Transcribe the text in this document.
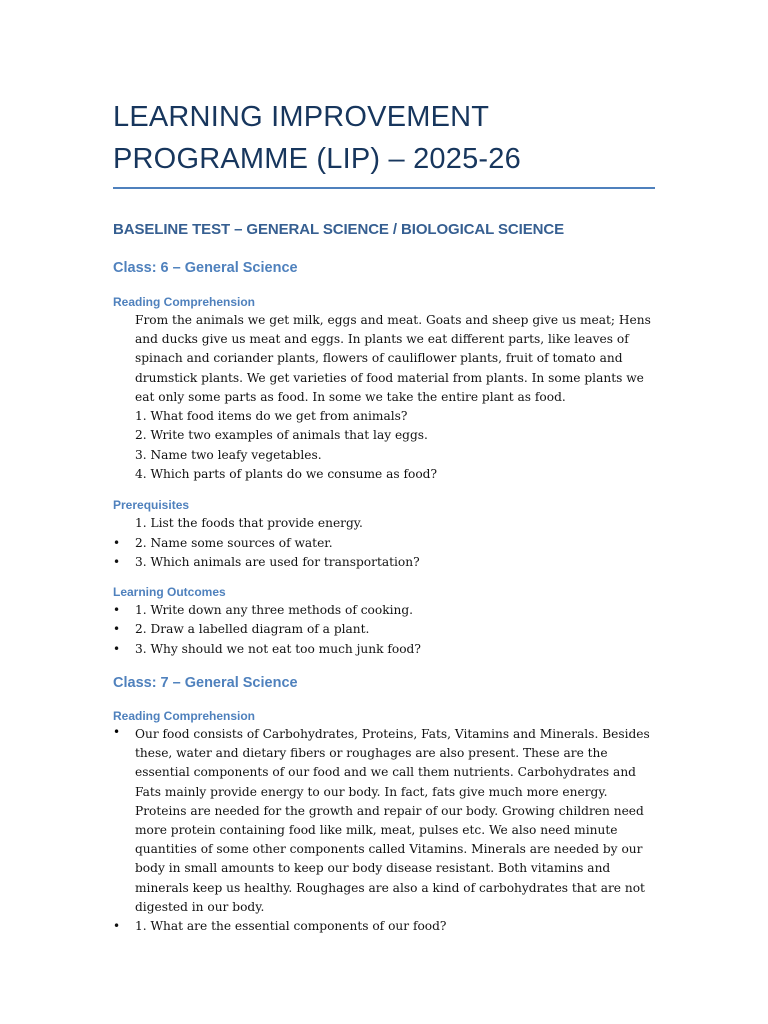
LEARNING IMPROVEMENT
PROGRAMME (LIP) – 2025-26
BASELINE TEST – GENERAL SCIENCE / BIOLOGICAL SCIENCE
Class: 6 – General Science
Reading Comprehension

From the animals we get milk, eggs and meat. Goats and sheep give us meat; Hens and ducks give us meat and eggs. In plants we eat different parts, like leaves of spinach and coriander plants, flowers of cauliflower plants, fruit of tomato and drumstick plants. We get varieties of food material from plants. In some plants we eat only some parts as food. In some we take the entire plant as food.

1. What food items do we get from animals?
2. Write two examples of animals that lay eggs.
3. Name two leafy vegetables.
4. Which parts of plants do we consume as food?
Prerequisites
1. List the foods that provide energy.
• 2. Name some sources of water.
• 3. Which animals are used for transportation?
Learning Outcomes
• 1. Write down any three methods of cooking.
• 2. Draw a labelled diagram of a plant.
• 3. Why should we not eat too much junk food?
Class: 7 – General Science
Reading Comprehension
• Our food consists of Carbohydrates, Proteins, Fats, Vitamins and Minerals. Besides these, water and dietary fibers or roughages are also present. These are the essential components of our food and we call them nutrients. Carbohydrates and Fats mainly provide energy to our body. In fact, fats give much more energy. Proteins are needed for the growth and repair of our body. Growing children need more protein containing food like milk, meat, pulses etc. We also need minute quantities of some other components called Vitamins. Minerals are needed by our body in small amounts to keep our body disease resistant. Both vitamins and minerals keep us healthy. Roughages are also a kind of carbohydrates that are not digested in our body.

• 1. What are the essential components of our food?
